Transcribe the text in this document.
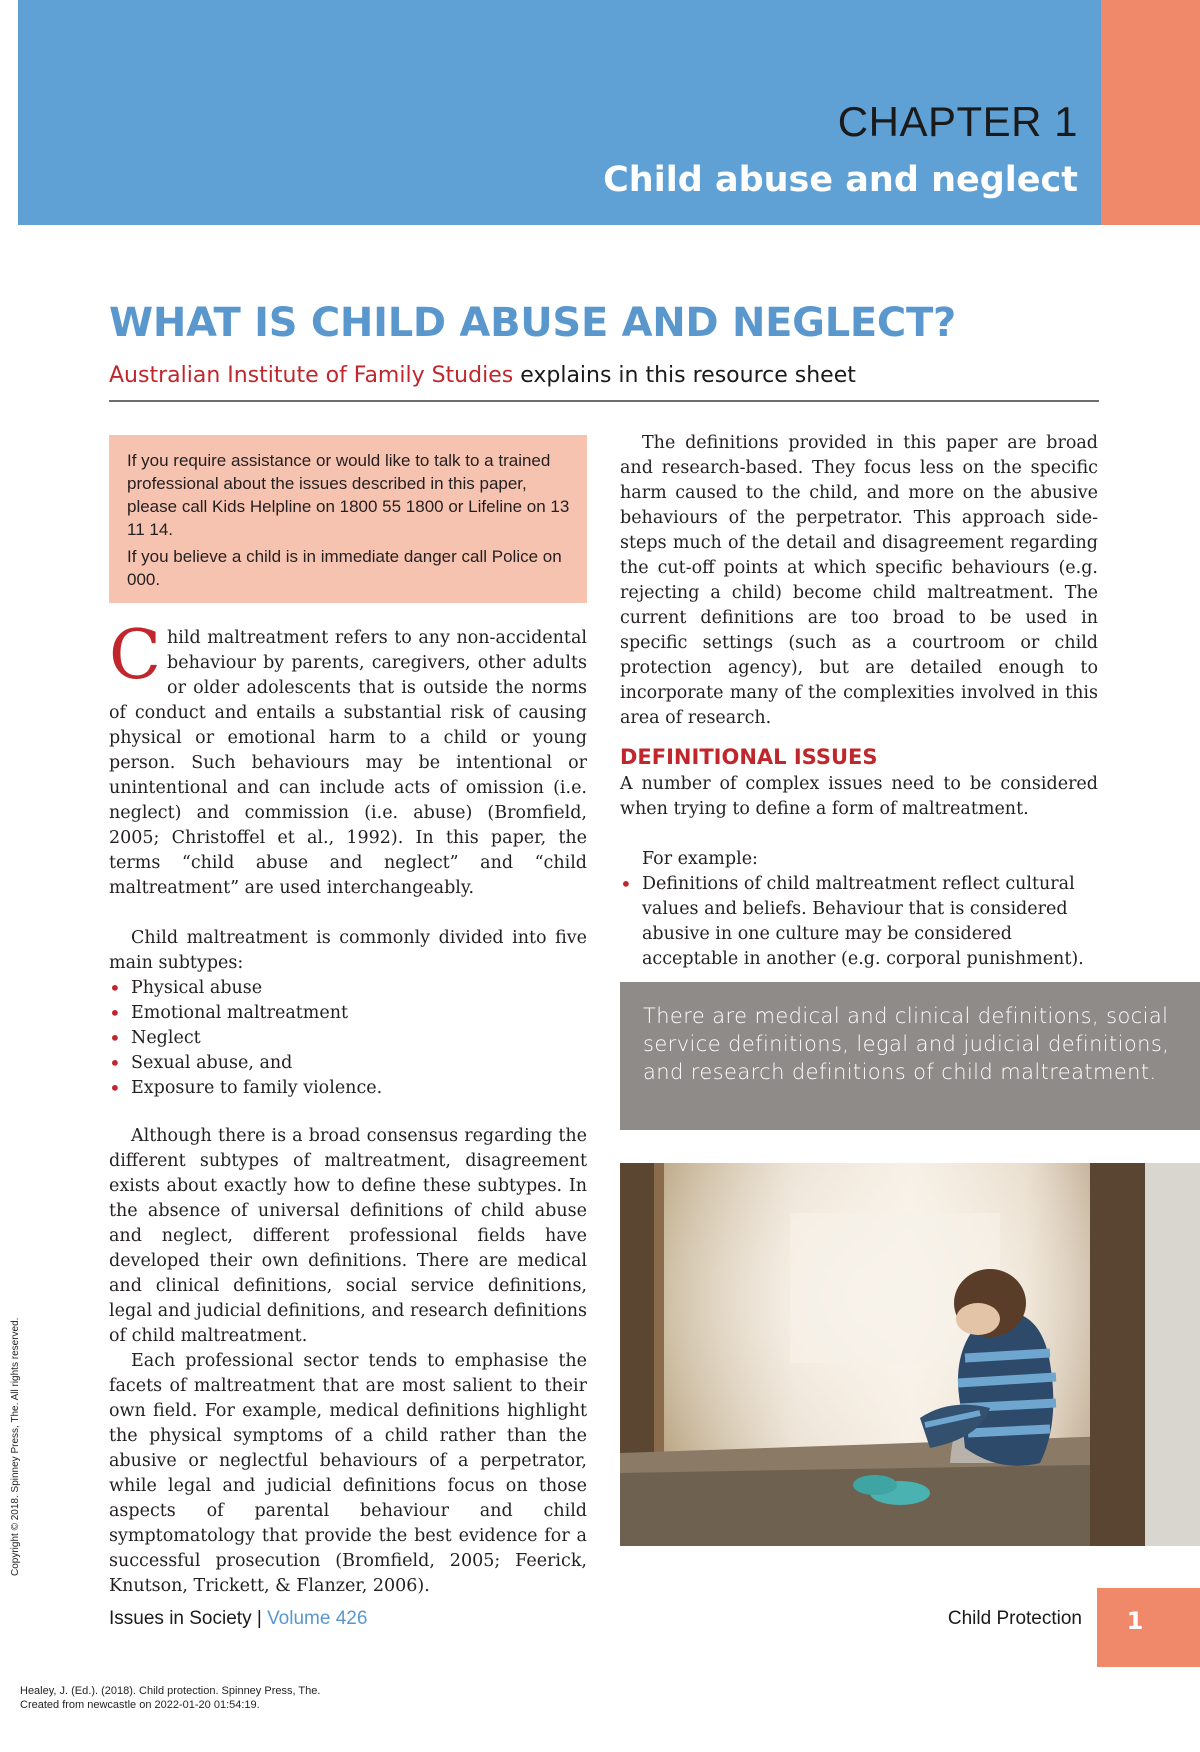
CHAPTER 1
Child abuse and neglect
WHAT IS CHILD ABUSE AND NEGLECT?
Australian Institute of Family Studies explains in this resource sheet

If you require assistance or would like to talk to a trained professional about the issues described in this paper, please call Kids Helpline on 1800 55 1800 or Lifeline on 13 11 14.

If you believe a child is in immediate danger call Police on 000.

Child maltreatment refers to any non-accidental behaviour by parents, caregivers, other adults or older adolescents that is outside the norms of conduct and entails a substantial risk of causing physical or emotional harm to a child or young person. Such behaviours may be intentional or unintentional and can include acts of omission (i.e. neglect) and commission (i.e. abuse) (Bromfield, 2005; Christoffel et al., 1992). In this paper, the terms “child abuse and neglect” and “child maltreatment” are used interchangeably.

Child maltreatment is commonly divided into five main subtypes:

• Physical abuse
• Emotional maltreatment
• Neglect
• Sexual abuse, and
• Exposure to family violence.

Although there is a broad consensus regarding the different subtypes of maltreatment, disagreement exists about exactly how to define these subtypes. In the absence of universal definitions of child abuse and neglect, different professional fields have developed their own definitions. There are medical and clinical definitions, social service definitions, legal and judicial definitions, and research definitions of child maltreatment.

Each professional sector tends to emphasise the facets of maltreatment that are most salient to their own field. For example, medical definitions highlight the physical symptoms of a child rather than the abusive or neglectful behaviours of a perpetrator, while legal and judicial definitions focus on those aspects of parental behaviour and child symptomatology that provide the best evidence for a successful prosecution (Bromfield, 2005; Feerick, Knutson, Trickett, & Flanzer, 2006).

The definitions provided in this paper are broad and research-based. They focus less on the specific harm caused to the child, and more on the abusive behaviours of the perpetrator. This approach side-steps much of the detail and disagreement regarding the cut-off points at which specific behaviours (e.g. rejecting a child) become child maltreatment. The current definitions are too broad to be used in specific settings (such as a courtroom or child protection agency), but are detailed enough to incorporate many of the complexities involved in this area of research.

DEFINITIONAL ISSUES

A number of complex issues need to be considered when trying to define a form of maltreatment.

For example:

• Definitions of child maltreatment reflect cultural values and beliefs. Behaviour that is considered abusive in one culture may be considered acceptable in another (e.g. corporal punishment).
There are medical and clinical definitions, social service definitions, legal and judicial definitions, and research definitions of child maltreatment.
Issues in Society | Volume 426	Child Protection	1
Copyright © 2018. Spinney Press, The. All rights reserved.
Healey, J. (Ed.). (2018). Child protection. Spinney Press, The.
Created from newcastle on 2022-01-20 01:54:19.
